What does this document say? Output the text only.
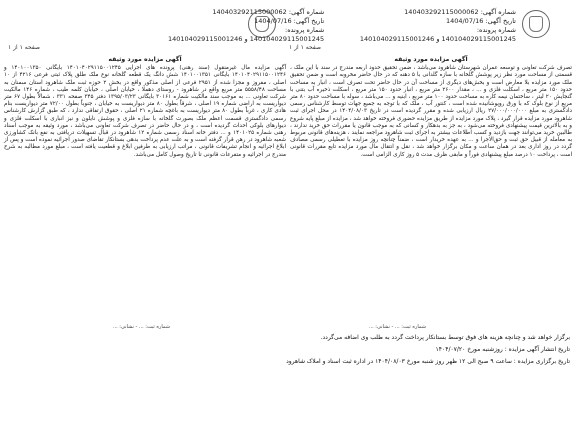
شماره آگهی: 140403292115000062
تاریخ آگهی: 1404/07/16
شماره پرونده:
140104029115001245 و 140104029115001246
شماره آگهی: 140403292115000062
تاریخ آگهی: 1404/07/16
شماره پرونده:
140104029115001245 و 140104029115001246
صفحه ۱ از ۱
صفحه ۱ از ۱
آگهی مزایده مورد وثیقه

تصرف شرکت تعاونی و توسعه عمران شهرستان شاهرود می‌باشد ، ضمن تحقیق حدود اربعه مندرج در سند با این ملک ، قسمتی از مساحت مورد نظر زیر پوشش گلخانه با سازه گلدانی با ۵ دهنه که در حال حاضر مخروبه است و ضمن تحقیق ملک مورد مزایده بلا معارض است و بخش‌های دیگری از مساحت آن در حال حاضر تحت تصرف است ، انبار به مساحت حدود ۱۵۰ متر مربع ، اسکلت فلزی و ... ، مقدار ۲۶۰۰ متر مربع ، انبار حدود ۱۵۰ متر مربع ، اسکلت ذخیره آب بتنی با گنجایش ۲۰ لیتر ، ساختمان نیمه کاره به مساحت حدود ۱۰۰ متر مربع ، ابنیه و ... می‌باشد ، سوله با مساحت حدود ۸۰ متر مربع از نوع بلوک که با ورق روپوشانیده شده است ، کنتور آب ، ملک که با توجه به جمیع جهات توسط کارشناس رسمی دادگستری به مبلغ ۲۷/۰۰۰/۰۰۰/۰۰۰ ریال ارزیابی شده و مقرر گردیده است در تاریخ ۱۴۰۴/۰۸/۰۳ در محل اجرای ثبت شاهرود مورد مزایده قرار گیرد ، پلاک مورد مزایده از طریق مزایده حضوری فروخته خواهد شد ، مزایده از مبلغ پایه شروع و به بالاترین قیمت پیشنهادی فروخته می‌شود ، به جز به بدهکار و کسانی که به موجب قانون یا مقررات حق خرید ندارند ، طالبین خرید می‌توانند جهت بازدید و کسب اطلاعات بیشتر به اجرای ثبت شاهرود مراجعه نمایند ، هزینه‌های قانونی مربوط به معامله از قبیل حق ثبت و حق‌الاجرا و ... به عهده خریدار است ، ضمناً چنانچه روز مزایده با تعطیلی رسمی مصادف گردد در روز اداری بعد در همان ساعت و مکان برگزار خواهد شد ، نقل و انتقال مال مورد مزایده تابع مقررات قانونی است ، پرداخت ۱۰ درصد مبلغ پیشنهادی فوراً و مابقی ظرف مدت ۵ روز کاری الزامی است.

آگهی مزایده مورد وثیقه

آگهی مزایده مال غیرمنقول (سند رهنی) پرونده های اجرایی ۱۴۰۱۰۴۰۲۹۱۱۵۰۰۱۲۴۵ بایگانی ۱۴۰۱۰۰۱۳۵۰ و ۱۴۰۱۰۴۰۲۹۱۱۵۰۰۱۲۴۶ بایگانی ۱۴۰۱۰۰۱۳۵۱ شش دانگ یک قطعه گلخانه نوع ملک طلق پلاک ثبتی فرعی ۴۲۱۶ از ۱۰ اصلی ، مفروز و مجزا شده از ۲۹۵۱ فرعی از اصلی مذکور واقع در بخش ۲ حوزه ثبت ملک شاهرود استان سمنان به مساحت ۵۵۵۸/۴۸ متر مربع واقع در شاهرود - روستای دهملا ، خیابان اصلی ، خیابان کلمه طیب ، شماره ۱۴۶ مالکیت شرکت تعاونی ... به موجب سند مالکیت شماره ۳۰۱۶۱ بایگانی ۱۳۹۵/۰۳/۲۳ دفتر ۳۴۵ صفحه ۳۳۱ ، شمالاً بطول ۶۷ متر دیواریست به اراضی شماره ۱۹ اصلی ، شرقاً بطول ۸۰ متر دیواریست به خیابان ، جنوباً بطول ۷۲/۰۰ متر دیواریست بنام هادی کاری ، غرباً بطول ۸۰ متر دیواریست به باغچه شماره ۲۱ اصلی ، حقوق ارتفاقی ندارد ، که طبق گزارش کارشناس رسمی دادگستری قسمت اعظم ملک بصورت گلخانه با سازه فلزی و پوشش نایلون و نیز انباری با اسکلت فلزی و دیوارهای بلوکی احداث گردیده است ، و در حال حاضر در تصرف شرکت تعاونی می‌باشد ، مورد وثیقه به موجب اسناد رهنی شماره ۱۴۰۱۰۲۵ و ... دفتر خانه اسناد رسمی شماره ۱۲ شاهرود در قبال تسهیلات دریافتی به نفع بانک کشاورزی شعبه شاهرود در رهن قرار گرفته است و به علت عدم پرداخت بدهی بستانکار تقاضای صدور اجرائیه نموده است و پس از ابلاغ اجرائیه و انجام تشریفات قانونی ، مراتب ارزیابی به طرفین ابلاغ و قطعیت یافته است ، مبلغ مورد مطالبه به شرح مندرج در اجرائیه و متفرعات قانونی تا تاریخ وصول کامل می‌باشد.

شماره ثبت: ... - نشانی: ...
شماره ثبت: ... - نشانی: ...

برگزار خواهد شد و چنانچه هزینه های فوق توسط بستانکار پرداخت گردد به طلب وی اضافه می‌گردد.

تاریخ انتشار آگهی مزایده : روزشنبه مورخ ۱۴۰۴/۰۷/۲۰

تاریخ برگزاری مزایده : ساعت ۹ صبح الی ۱۲ ظهر روز شنبه مورخ ۱۴۰۴/۰۸/۰۳ در اداره ثبت اسناد و املاک شاهرود
